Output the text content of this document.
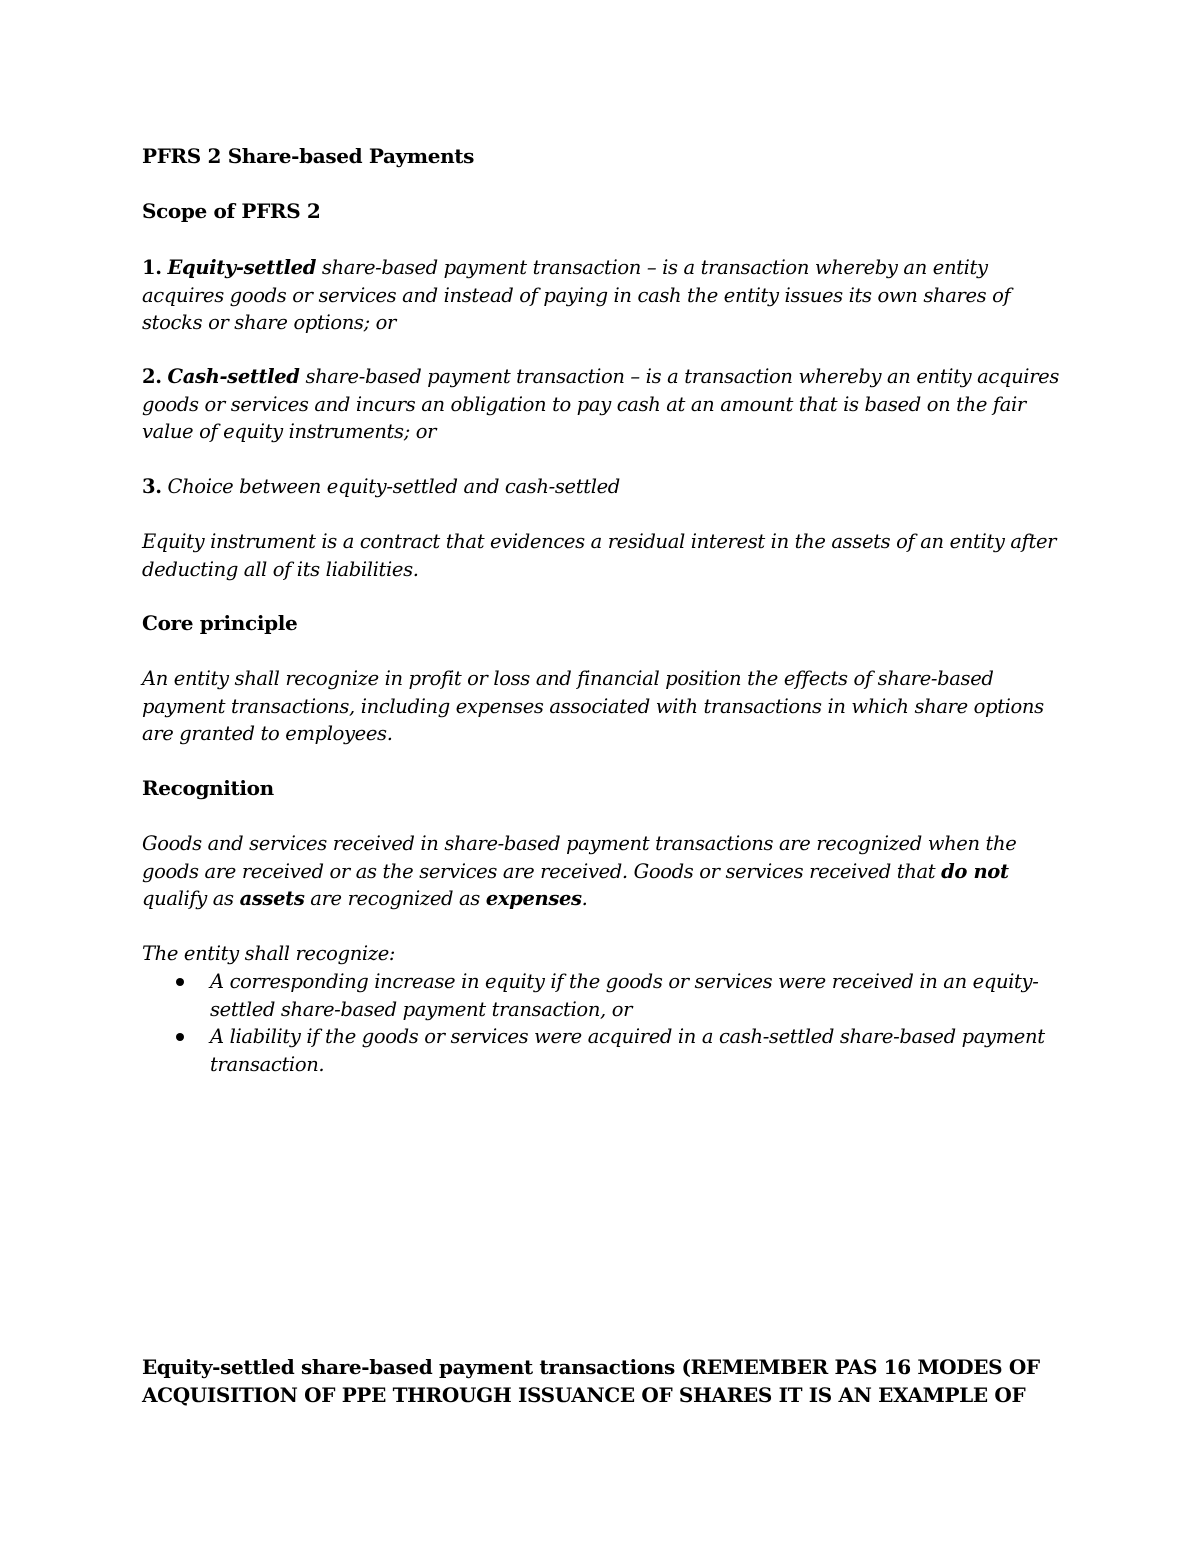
PFRS 2 Share-based Payments

Scope of PFRS 2

1. Equity-settled share-based payment transaction – is a transaction whereby an entity acquires goods or services and instead of paying in cash the entity issues its own shares of stocks or share options; or

2. Cash-settled share-based payment transaction – is a transaction whereby an entity acquires goods or services and incurs an obligation to pay cash at an amount that is based on the fair value of equity instruments; or

3. Choice between equity-settled and cash-settled

Equity instrument is a contract that evidences a residual interest in the assets of an entity after deducting all of its liabilities.

Core principle

An entity shall recognize in profit or loss and financial position the effects of share-based payment transactions, including expenses associated with transactions in which share options are granted to employees.

Recognition

Goods and services received in share-based payment transactions are recognized when the goods are received or as the services are received. Goods or services received that do not qualify as assets are recognized as expenses.

The entity shall recognize:

A corresponding increase in equity if the goods or services were received in an equity-settled share-based payment transaction, or
A liability if the goods or services were acquired in a cash-settled share-based payment transaction.

Equity-settled share-based payment transactions (REMEMBER PAS 16 MODES OF ACQUISITION OF PPE THROUGH ISSUANCE OF SHARES IT IS AN EXAMPLE OF
